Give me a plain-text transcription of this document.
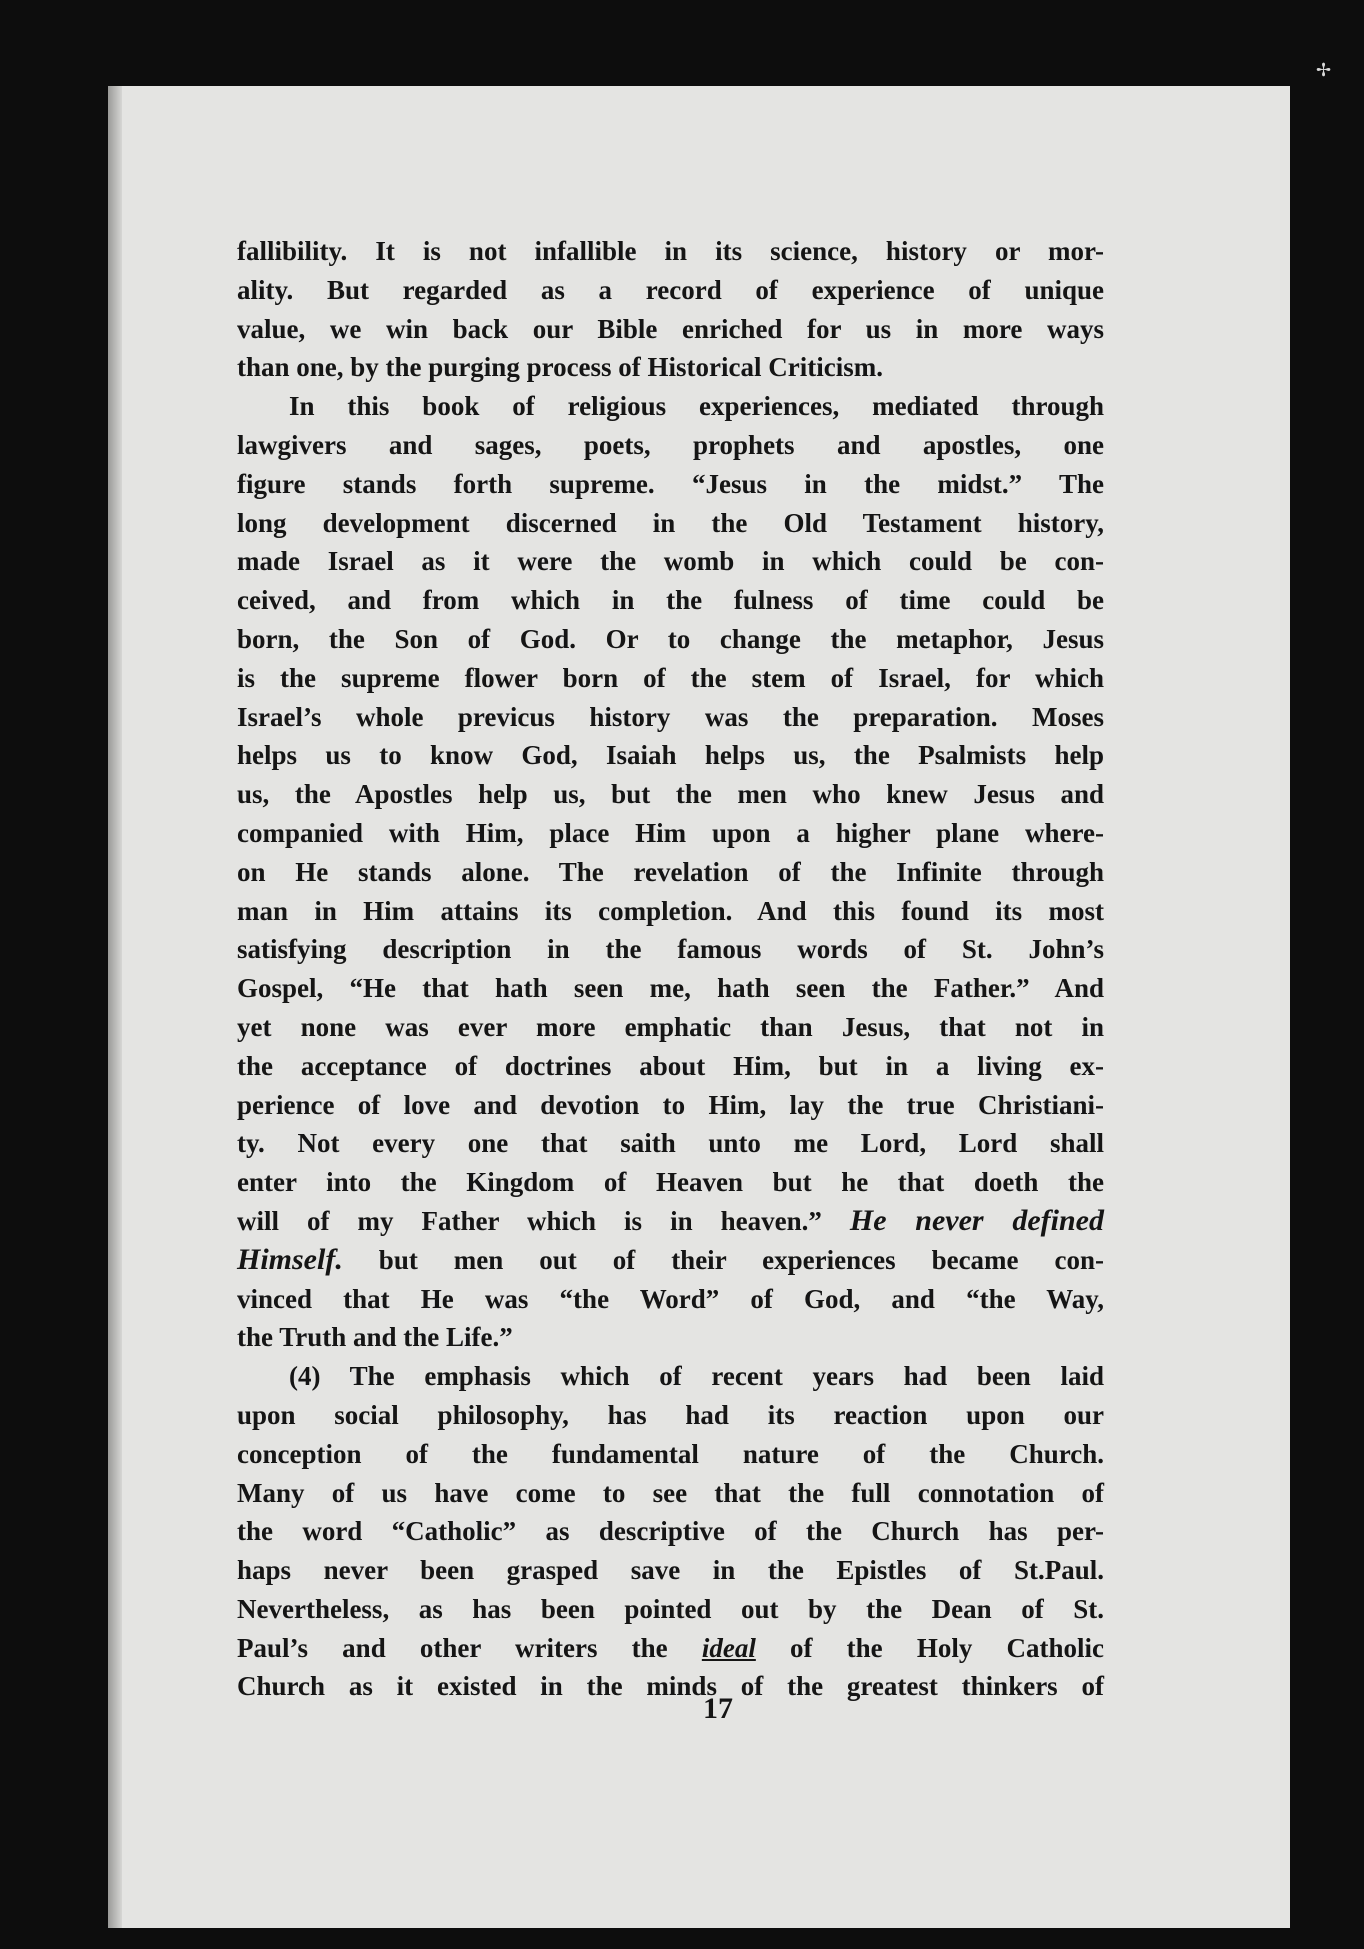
fallibility. It is not infallible in its science, history or mor-
ality. But regarded as a record of experience of unique
value, we win back our Bible enriched for us in more ways
than one, by the purging process of Historical Criticism.

In this book of religious experiences, mediated through
lawgivers and sages, poets, prophets and apostles, one
figure stands forth supreme. “Jesus in the midst.” The
long development discerned in the Old Testament history,
made Israel as it were the womb in which could be con-
ceived, and from which in the fulness of time could be
born, the Son of God. Or to change the metaphor, Jesus
is the supreme flower born of the stem of Israel, for which
Israel’s whole previcus history was the preparation. Moses
helps us to know God, Isaiah helps us, the Psalmists help
us, the Apostles help us, but the men who knew Jesus and
companied with Him, place Him upon a higher plane where-
on He stands alone. The revelation of the Infinite through
man in Him attains its completion. And this found its most
satisfying description in the famous words of St. John’s
Gospel, “He that hath seen me, hath seen the Father.” And
yet none was ever more emphatic than Jesus, that not in
the acceptance of doctrines about Him, but in a living ex-
perience of love and devotion to Him, lay the true Christiani-
ty. Not every one that saith unto me Lord, Lord shall
enter into the Kingdom of Heaven but he that doeth the
will of my Father which is in heaven.” He never defined
Himself. but men out of their experiences became con-
vinced that He was “the Word” of God, and “the Way,
the Truth and the Life.”

(4) The emphasis which of recent years had been laid
upon social philosophy, has had its reaction upon our
conception of the fundamental nature of the Church.
Many of us have come to see that the full connotation of
the word “Catholic” as descriptive of the Church has per-
haps never been grasped save in the Epistles of St.Paul.
Nevertheless, as has been pointed out by the Dean of St.
Paul’s and other writers the ideal of the Holy Catholic
Church as it existed in the minds of the greatest thinkers of

17
✢
